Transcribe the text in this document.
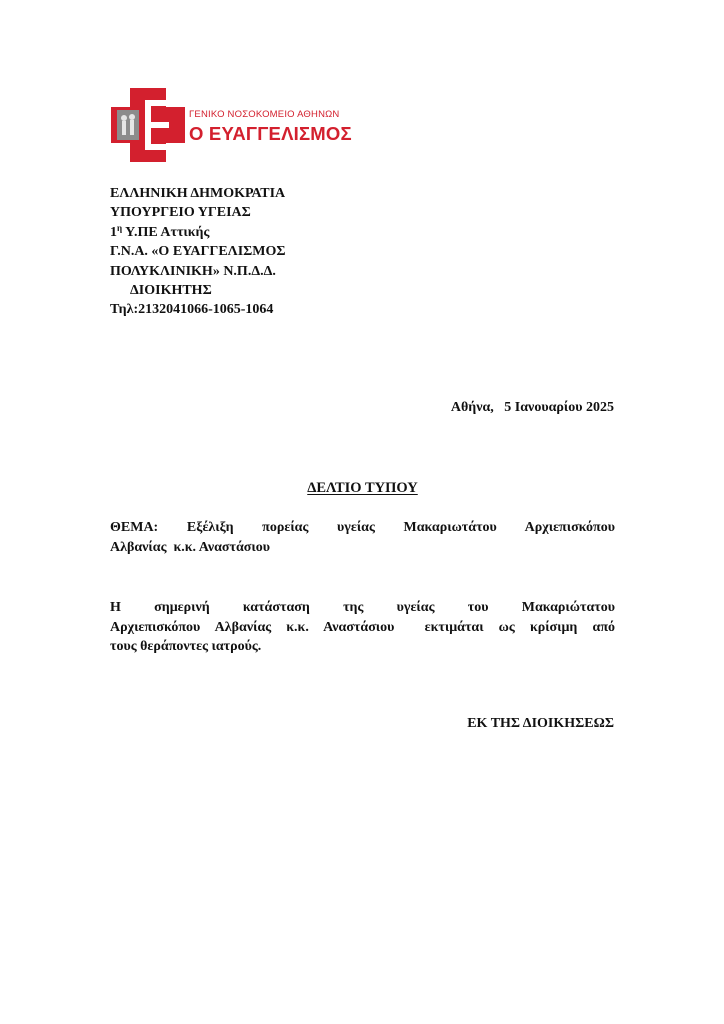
ΓΕΝΙΚΟ ΝΟΣΟΚΟΜΕΙΟ ΑΘΗΝΩΝ
Ο ΕΥΑΓΓΕΛΙΣΜΟΣ
ΕΛΛΗΝΙΚΗ ΔΗΜΟΚΡΑΤΙΑ
ΥΠΟΥΡΓΕΙΟ ΥΓΕΙΑΣ
$1^\eta$ Υ.ΠΕ Αττικής
Γ.Ν.Α. «Ο ΕΥΑΓΓΕΛΙΣΜΟΣ
ΠΟΛΥΚΛΙΝΙΚΗ» Ν.Π.Δ.Δ.
ΔΙΟΙΚΗΤΗΣ
Τηλ:2132041066-1065-1064
Αθήνα,   5 Ιανουαρίου 2025
ΔΕΛΤΙΟ ΤΥΠΟΥ
ΘΕΜΑ: Εξέλιξη πορείας υγείας Μακαριωτάτου Αρχιεπισκόπου
Αλβανίας  κ.κ. Αναστάσιου
Η σημερινή κατάσταση της υγείας του Μακαριώτατου
Αρχιεπισκόπου Αλβανίας κ.κ. Αναστάσιου  εκτιμάται ως κρίσιμη από
τους θεράποντες ιατρούς.
ΕΚ ΤΗΣ ΔΙΟΙΚΗΣΕΩΣ
